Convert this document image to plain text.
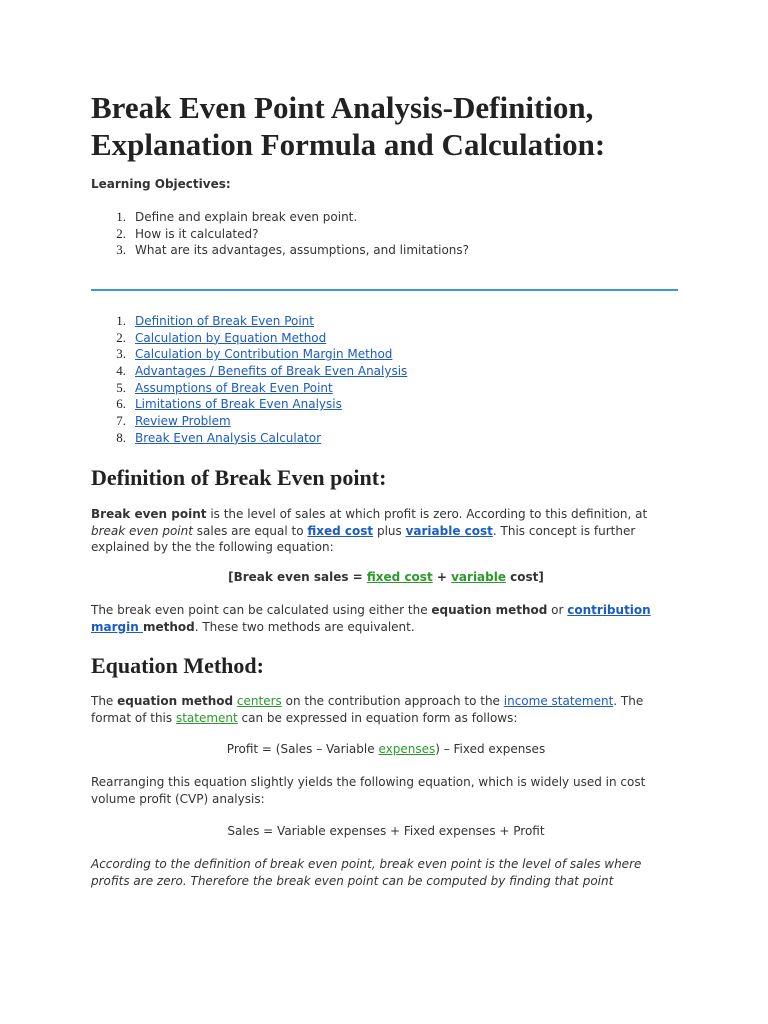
Break Even Point Analysis-Definition,
Explanation Formula and Calculation:
Learning Objectives:
1. Define and explain break even point.
2. How is it calculated?
3. What are its advantages, assumptions, and limitations?
1. Definition of Break Even Point
2. Calculation by Equation Method
3. Calculation by Contribution Margin Method
4. Advantages / Benefits of Break Even Analysis
5. Assumptions of Break Even Point
6. Limitations of Break Even Analysis
7. Review Problem
8. Break Even Analysis Calculator
Definition of Break Even point:

Break even point is the level of sales at which profit is zero. According to this definition, at break even point sales are equal to fixed cost plus variable cost. This concept is further explained by the the following equation:

[Break even sales = fixed cost + variable cost]

The break even point can be calculated using either the equation method or contribution margin method. These two methods are equivalent.

Equation Method:

The equation method centers on the contribution approach to the income statement. The format of this statement can be expressed in equation form as follows:

Profit = (Sales – Variable expenses) – Fixed expenses

Rearranging this equation slightly yields the following equation, which is widely used in cost volume profit (CVP) analysis:

Sales = Variable expenses + Fixed expenses + Profit

According to the definition of break even point, break even point is the level of sales where profits are zero. Therefore the break even point can be computed by finding that point
